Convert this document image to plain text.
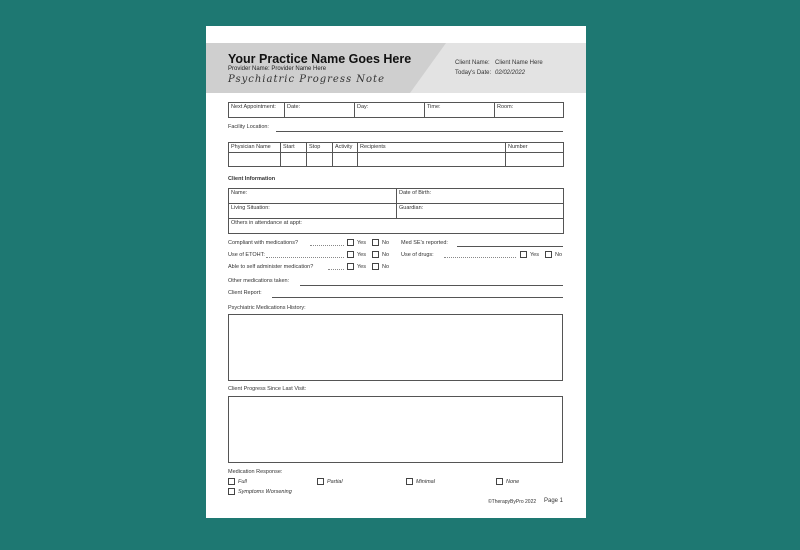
Your Practice Name Goes Here
Provider Name: Provider Name Here
Psychiatric Progress Note
Client Name: Client Name Here
Today's Date: 02/02/2022
Next Appointment:	Date:	Day:	Time:	Room:
Facility Location:
Physician Name	Start	Stop	Activity	Recipients	Number

Client Information
Name:	Date of Birth:
Living Situation:	Guardian:
Others in attendance at appt:	
Compliant with medications?	Yes	No
Use of ETOHT:	Yes	No
Able to self administer medication?	Yes	No
Med SE's reported:
Use of drugs:	Yes	No
Other medications taken:
Client Report:
Psychiatric Medications History:
Client Progress Since Last Visit:
Medication Response:
Full	Partial	Minimal	None
Symptoms Worsening
©TherapyByPro 2022 Page 1
